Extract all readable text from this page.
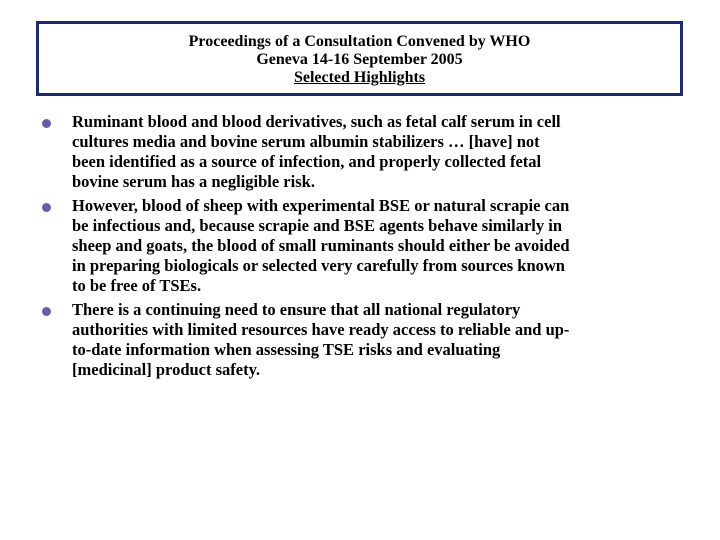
Proceedings of a Consultation Convened by WHO
Geneva 14-16 September 2005
Selected Highlights
Ruminant blood and blood derivatives, such as fetal calf serum in cell
cultures media and bovine serum albumin stabilizers … [have] not
been identified as a source of infection, and properly collected fetal
bovine serum has a negligible risk.
However, blood of sheep with experimental BSE or natural scrapie can
be infectious and, because scrapie and BSE agents behave similarly in
sheep and goats, the blood of small ruminants should either be avoided
in preparing biologicals or selected very carefully from sources known
to be free of TSEs.
There is a continuing need to ensure that all national regulatory
authorities with limited resources have ready access to reliable and up-
to-date information when assessing TSE risks and evaluating
[medicinal] product safety.
